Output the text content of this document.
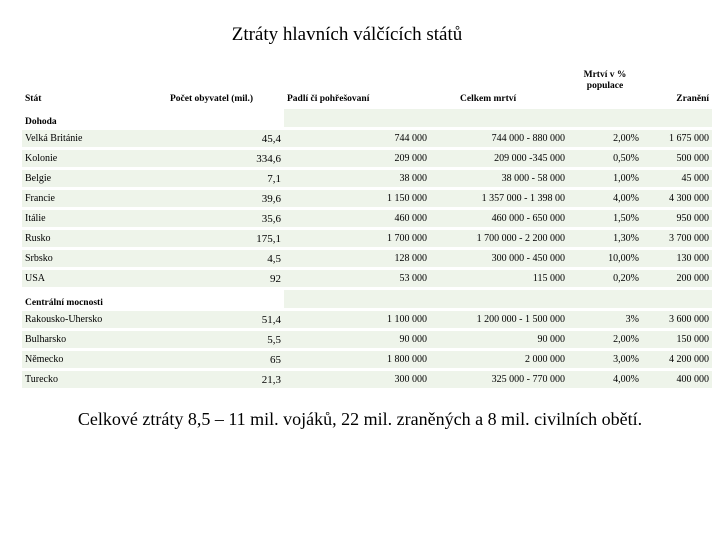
Ztráty hlavních válčících států
Stát	Počet obyvatel (mil.)	Padlí či pohřešovaní	Celkem mrtví	Mrtví v % populace	Zranění
Dohoda					
Velká Británie	45,4	744 000	744 000 - 880 000	2,00%	1 675 000
Kolonie	334,6	209 000	209 000 -345 000	0,50%	500 000
Belgie	7,1	38 000	38 000 - 58 000	1,00%	45 000
Francie	39,6	1 150 000	1 357 000 - 1 398 00	4,00%	4 300 000
Itálie	35,6	460 000	460 000 - 650 000	1,50%	950 000
Rusko	175,1	1 700 000	1 700 000 - 2 200 000	1,30%	3 700 000
Srbsko	4,5	128 000	300 000 - 450 000	10,00%	130 000
USA	92	53 000	115 000	0,20%	200 000
Centrální mocnosti					
Rakousko-Uhersko	51,4	1 100 000	1 200 000 - 1 500 000	3%	3 600 000
Bulharsko	5,5	90 000	90 000	2,00%	150 000
Německo	65	1 800 000	2 000 000	3,00%	4 200 000
Turecko	21,3	300 000	325 000 - 770 000	4,00%	400 000
Celkové ztráty 8,5 – 11 mil. vojáků, 22 mil. zraněných a 8 mil. civilních obětí.
